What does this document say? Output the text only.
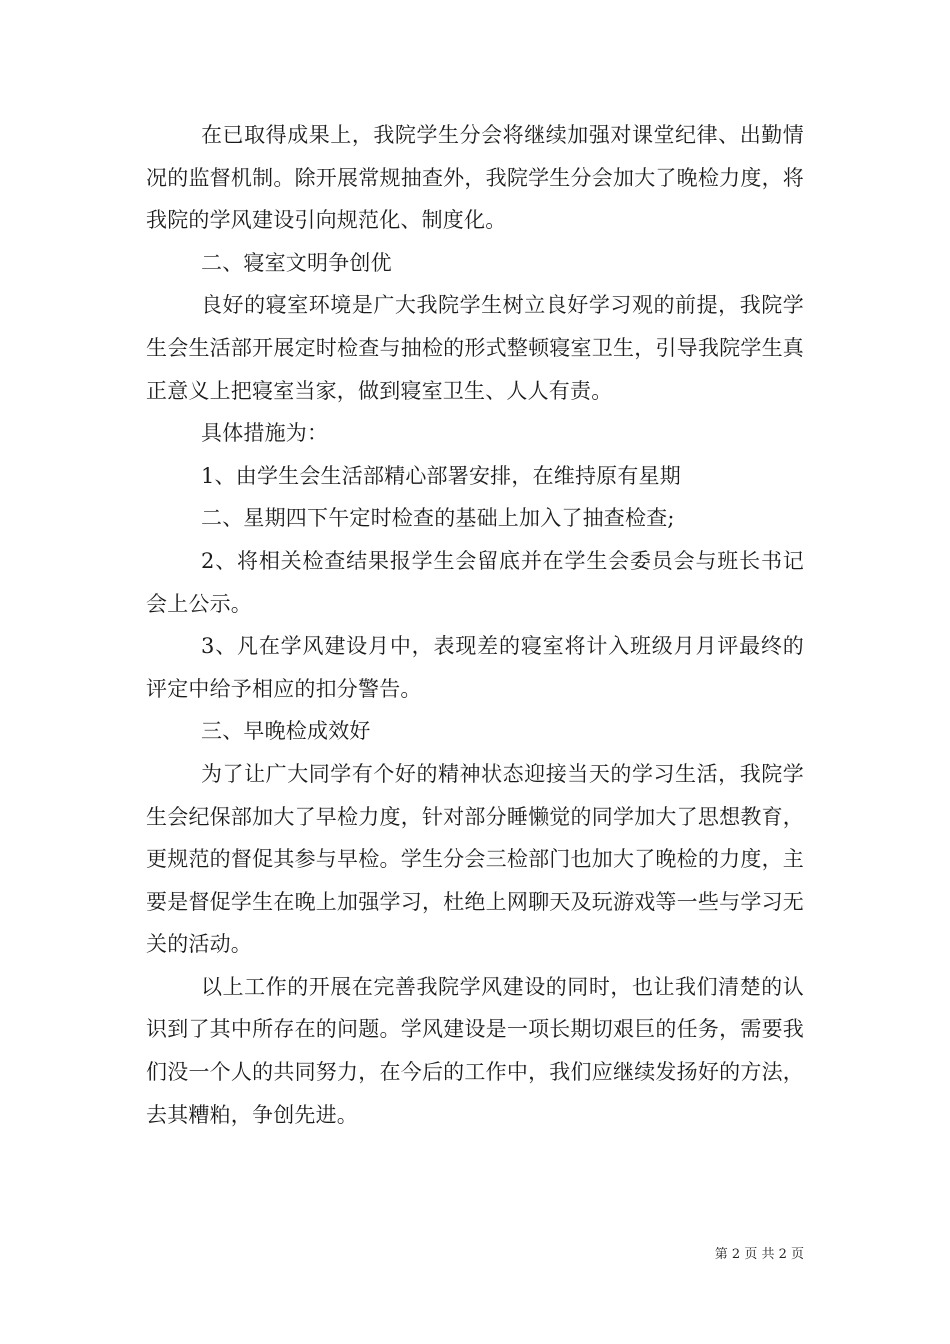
在已取得成果上，我院学生分会将继续加强对课堂纪律、出勤情况的监督机制。除开展常规抽查外，我院学生分会加大了晚检力度，将我院的学风建设引向规范化、制度化。

二、寝室文明争创优

良好的寝室环境是广大我院学生树立良好学习观的前提，我院学生会生活部开展定时检查与抽检的形式整顿寝室卫生，引导我院学生真正意义上把寝室当家，做到寝室卫生、人人有责。

具体措施为：

1、由学生会生活部精心部署安排，在维持原有星期

二、星期四下午定时检查的基础上加入了抽查检查;

2、将相关检查结果报学生会留底并在学生会委员会与班长书记会上公示。

3、凡在学风建设月中，表现差的寝室将计入班级月月评最终的评定中给予相应的扣分警告。

三、早晚检成效好

为了让广大同学有个好的精神状态迎接当天的学习生活，我院学生会纪保部加大了早检力度，针对部分睡懒觉的同学加大了思想教育，更规范的督促其参与早检。学生分会三检部门也加大了晚检的力度，主要是督促学生在晚上加强学习，杜绝上网聊天及玩游戏等一些与学习无关的活动。

以上工作的开展在完善我院学风建设的同时，也让我们清楚的认识到了其中所存在的问题。学风建设是一项长期切艰巨的任务，需要我们没一个人的共同努力，在今后的工作中，我们应继续发扬好的方法，去其糟粕，争创先进。

第 2 页 共 2 页
